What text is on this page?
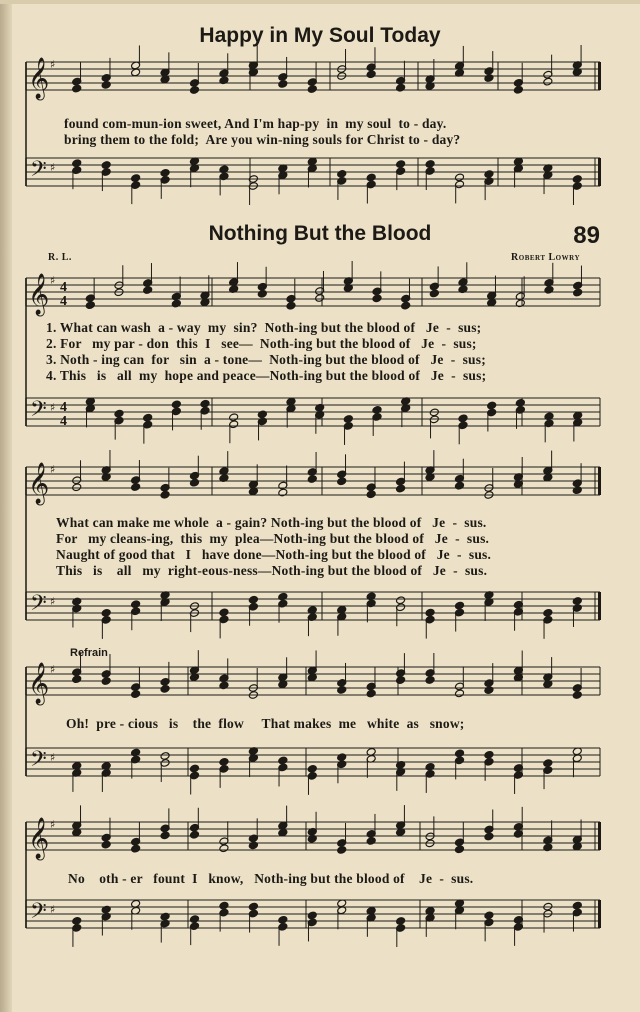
𝄞
𝄢
♯
♯
𝄞
𝄢
♯
♯
4
4
4
4
𝄞
𝄢
♯
♯
𝄞
𝄢
♯
♯
𝄞
𝄢
♯
♯
Happy in My Soul Today
found com-mun-ion sweet, And I'm hap-py  in  my soul  to - day.
bring them to the fold;  Are you win-ning souls for Christ to - day?
Nothing But the Blood	89
R. L.	Robert Lowry
1. What can wash  a - way  my  sin?  Noth-ing but the blood of   Je  -  sus;
2. For   my par - don  this  I   see—  Noth-ing but the blood of   Je  -  sus;
3. Noth - ing can  for   sin  a - tone—  Noth-ing but the blood of   Je  -  sus;
4. This   is   all  my  hope and peace—Noth-ing but the blood of   Je  -  sus;
What can make me whole  a - gain? Noth-ing but the blood of   Je  -  sus.
For   my cleans-ing,  this  my  plea—Noth-ing but the blood of   Je  -  sus.
Naught of good that   I   have done—Noth-ing but the blood of   Je  -  sus.
This   is    all   my  right-eous-ness—Noth-ing but the blood of   Je  -  sus.
Refrain
Oh!  pre - cious   is    the  flow     That makes  me   white  as   snow;
No    oth - er   fount  I   know,   Noth-ing but the blood of    Je  -  sus.
